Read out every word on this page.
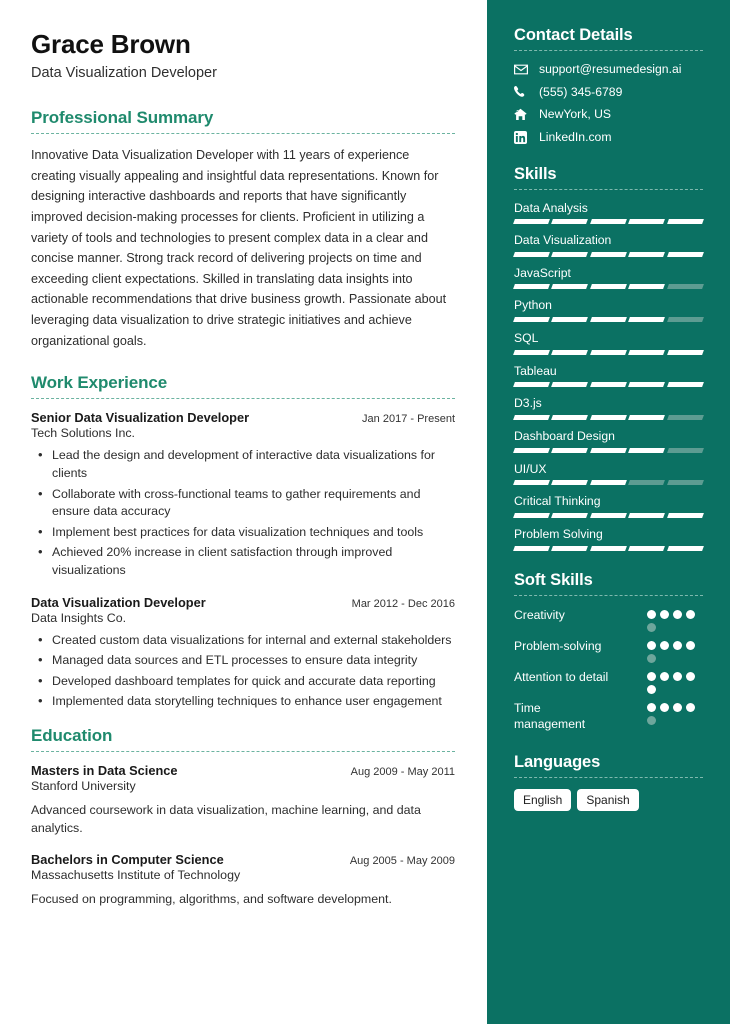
Grace Brown
Data Visualization Developer
Professional Summary

Innovative Data Visualization Developer with 11 years of experience creating visually appealing and insightful data representations. Known for designing interactive dashboards and reports that have significantly improved decision-making processes for clients. Proficient in utilizing a variety of tools and technologies to present complex data in a clear and concise manner. Strong track record of delivering projects on time and exceeding client expectations. Skilled in translating data insights into actionable recommendations that drive business growth. Passionate about leveraging data visualization to drive strategic initiatives and achieve organizational goals.

Work Experience
Senior Data Visualization Developer	Jan 2017 - Present
Tech Solutions Inc.
• Lead the design and development of interactive data visualizations for clients
• Collaborate with cross-functional teams to gather requirements and ensure data accuracy
• Implement best practices for data visualization techniques and tools
• Achieved 20% increase in client satisfaction through improved visualizations
Data Visualization Developer	Mar 2012 - Dec 2016
Data Insights Co.
• Created custom data visualizations for internal and external stakeholders
• Managed data sources and ETL processes to ensure data integrity
• Developed dashboard templates for quick and accurate data reporting
• Implemented data storytelling techniques to enhance user engagement
Education
Masters in Data Science	Aug 2009 - May 2011
Stanford University
Advanced coursework in data visualization, machine learning, and data analytics.
Bachelors in Computer Science	Aug 2005 - May 2009
Massachusetts Institute of Technology
Focused on programming, algorithms, and software development.
Contact Details
support@resumedesign.ai
(555) 345-6789
NewYork, US
LinkedIn.com
Skills
Data Analysis
Data Visualization
JavaScript
Python
SQL
Tableau
D3.js
Dashboard Design
UI/UX
Critical Thinking
Problem Solving
Soft Skills
Creativity
Problem-solving
Attention to detail
Time management
Languages
English	Spanish
